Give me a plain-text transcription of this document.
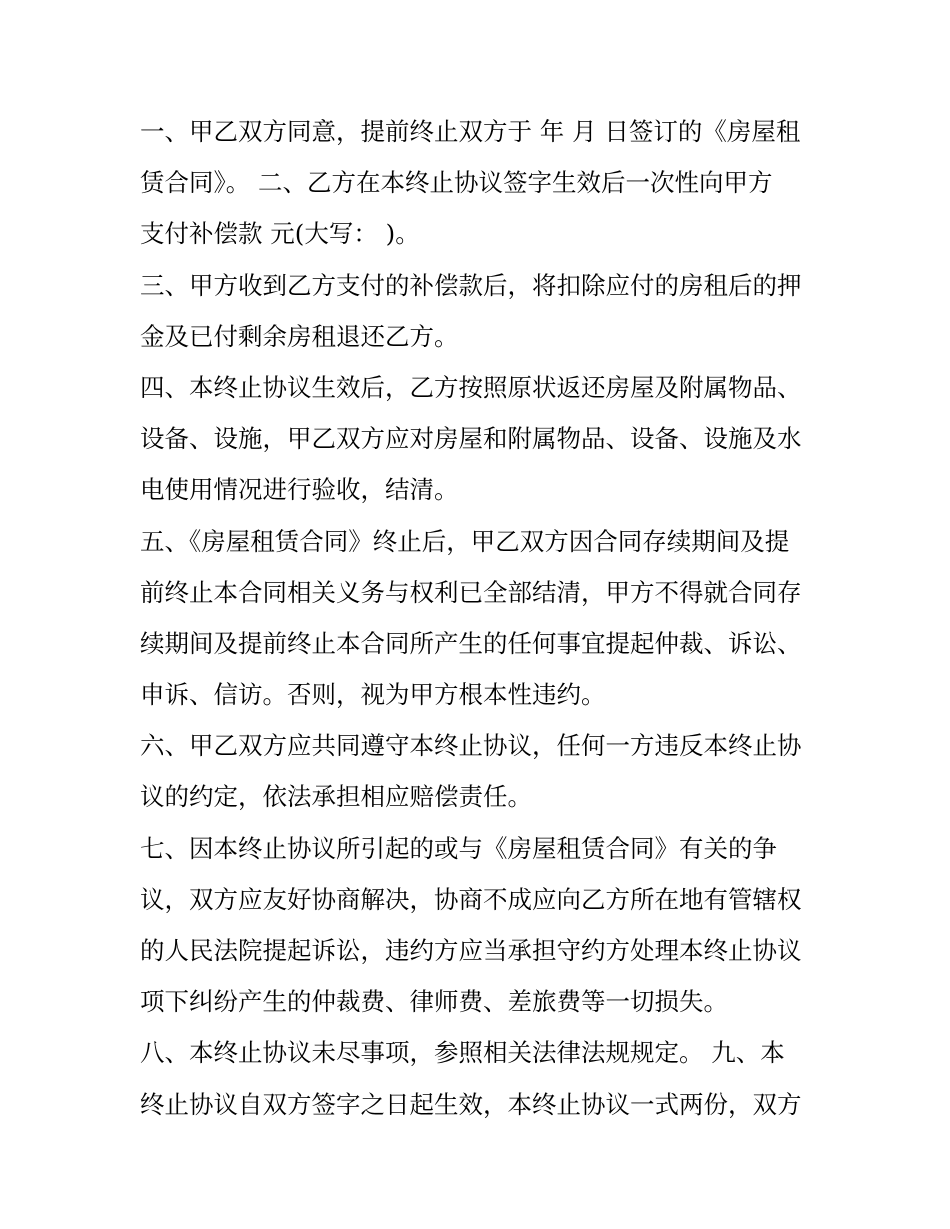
一、甲乙双方同意，提前终止双方于 年 月 日签订的《房屋租
赁合同》。 二、乙方在本终止协议签字生效后一次性向甲方
支付补偿款 元(大写： )。
三、甲方收到乙方支付的补偿款后，将扣除应付的房租后的押
金及已付剩余房租退还乙方。
四、本终止协议生效后，乙方按照原状返还房屋及附属物品、
设备、设施，甲乙双方应对房屋和附属物品、设备、设施及水
电使用情况进行验收，结清。
五、《房屋租赁合同》终止后，甲乙双方因合同存续期间及提
前终止本合同相关义务与权利已全部结清，甲方不得就合同存
续期间及提前终止本合同所产生的任何事宜提起仲裁、诉讼、
申诉、信访。否则，视为甲方根本性违约。
六、甲乙双方应共同遵守本终止协议，任何一方违反本终止协
议的约定，依法承担相应赔偿责任。
七、因本终止协议所引起的或与《房屋租赁合同》有关的争
议，双方应友好协商解决，协商不成应向乙方所在地有管辖权
的人民法院提起诉讼，违约方应当承担守约方处理本终止协议
项下纠纷产生的仲裁费、律师费、差旅费等一切损失。
八、本终止协议未尽事项，参照相关法律法规规定。 九、本
终止协议自双方签字之日起生效，本终止协议一式两份，双方
